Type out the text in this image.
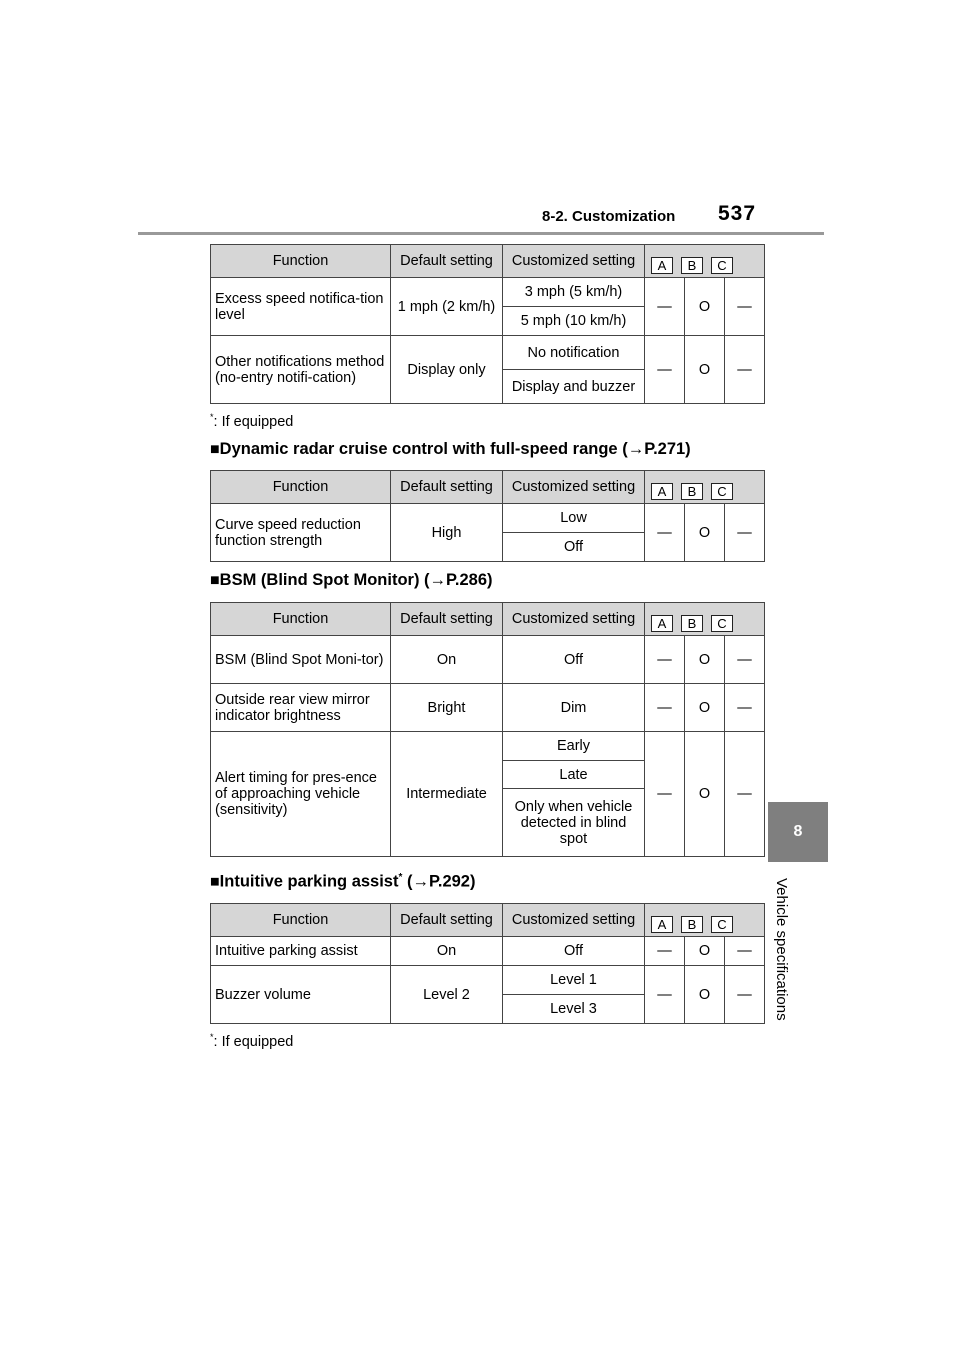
8-2. Customization 537
8
Vehicle specifications
Function	Default setting	Customized setting	A B C		

Excess speed notifica-tion level	1 mph (2 km/h)	3 mph (5 km/h)	—	O	—
		5 mph (10 km/h)			
Other notifications method (no-entry notifi-cation)	Display only	No notification	—	O	—
		Display and buzzer			
*: If equipped
■Dynamic radar cruise control with full-speed range (→P.271)
Function	Default setting	Customized setting	A B C		

Curve speed reduction function strength	High	Low	—	O	—
		Off			
■BSM (Blind Spot Monitor) (→P.286)
Function	Default setting	Customized setting	A B C		

BSM (Blind Spot Moni-tor)	On	Off	—	O	—
Outside rear view mirror indicator brightness	Bright	Dim	—	O	—
Alert timing for pres-ence of approaching vehicle (sensitivity)	Intermediate	Early	—	O	—
		Late			
		Only when vehicle detected in blind spot			
■Intuitive parking assist* (→P.292)
Function	Default setting	Customized setting	A B C		

Intuitive parking assist	On	Off	—	O	—
Buzzer volume	Level 2	Level 1	—	O	—
		Level 3			
*: If equipped
